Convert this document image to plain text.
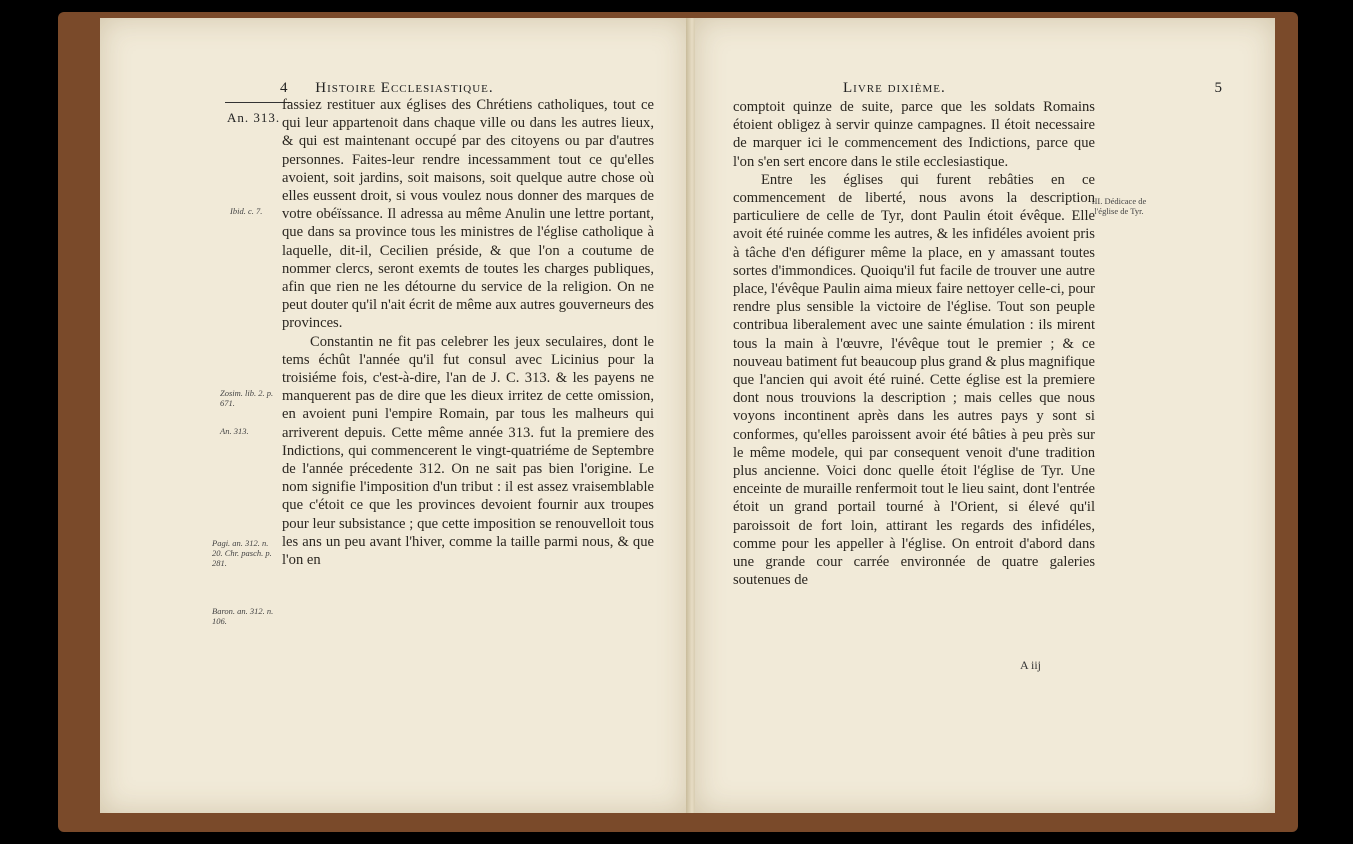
4 Histoire Ecclesiastique.
An. 313.
Ibid. c. 7.
Zosim. lib. 2. p. 671.
An. 313.
Pagi. an. 312. n. 20. Chr. pasch. p. 281.
Baron. an. 312. n. 106.

fassiez restituer aux églises des Chrétiens catholiques, tout ce qui leur appartenoit dans chaque ville ou dans les autres lieux, & qui est maintenant occupé par des citoyens ou par d'autres personnes. Faites-leur rendre incessamment tout ce qu'elles avoient, soit jardins, soit maisons, soit quelque autre chose où elles eussent droit, si vous voulez nous donner des marques de votre obéïssance. Il adressa au même Anulin une lettre portant, que dans sa province tous les ministres de l'église catholique à laquelle, dit-il, Cecilien préside, & que l'on a coutume de nommer clercs, seront exemts de toutes les charges publiques, afin que rien ne les détourne du service de la religion. On ne peut douter qu'il n'ait écrit de même aux autres gouverneurs des provinces.

Constantin ne fit pas celebrer les jeux seculaires, dont le tems échût l'année qu'il fut consul avec Licinius pour la troisiéme fois, c'est-à-dire, l'an de J. C. 313. & les payens ne manquerent pas de dire que les dieux irritez de cette omission, en avoient puni l'empire Romain, par tous les malheurs qui arriverent depuis. Cette même année 313. fut la premiere des Indictions, qui commencerent le vingt-quatriéme de Septembre de l'année précedente 312. On ne sait pas bien l'origine. Le nom signifie l'imposition d'un tribut : il est assez vraisemblable que c'étoit ce que les provinces devoient fournir aux troupes pour leur subsistance ; que cette imposition se renouvelloit tous les ans un peu avant l'hiver, comme la taille parmi nous, & que l'on en

Livre dixième.	5
III. Dédicace de l'église de Tyr.

comptoit quinze de suite, parce que les soldats Romains étoient obligez à servir quinze campagnes. Il étoit necessaire de marquer ici le commencement des Indictions, parce que l'on s'en sert encore dans le stile ecclesiastique.

Entre les églises qui furent rebâties en ce commencement de liberté, nous avons la description particuliere de celle de Tyr, dont Paulin étoit évêque. Elle avoit été ruinée comme les autres, & les infidéles avoient pris à tâche d'en défigurer même la place, en y amassant toutes sortes d'immondices. Quoiqu'il fut facile de trouver une autre place, l'évêque Paulin aima mieux faire nettoyer celle-ci, pour rendre plus sensible la victoire de l'église. Tout son peuple contribua liberalement avec une sainte émulation : ils mirent tous la main à l'œuvre, l'évêque tout le premier ; & ce nouveau batiment fut beaucoup plus grand & plus magnifique que l'ancien qui avoit été ruiné. Cette église est la premiere dont nous trouvions la description ; mais celles que nous voyons incontinent après dans les autres pays y sont si conformes, qu'elles paroissent avoir été bâties à peu près sur le même modele, qui par consequent venoit d'une tradition plus ancienne. Voici donc quelle étoit l'église de Tyr. Une enceinte de muraille renfermoit tout le lieu saint, dont l'entrée étoit un grand portail tourné à l'Orient, si élevé qu'il paroissoit de fort loin, attirant les regards des infidéles, comme pour les appeller à l'église. On entroit d'abord dans une grande cour carrée environnée de quatre galeries soutenues de

A iij
